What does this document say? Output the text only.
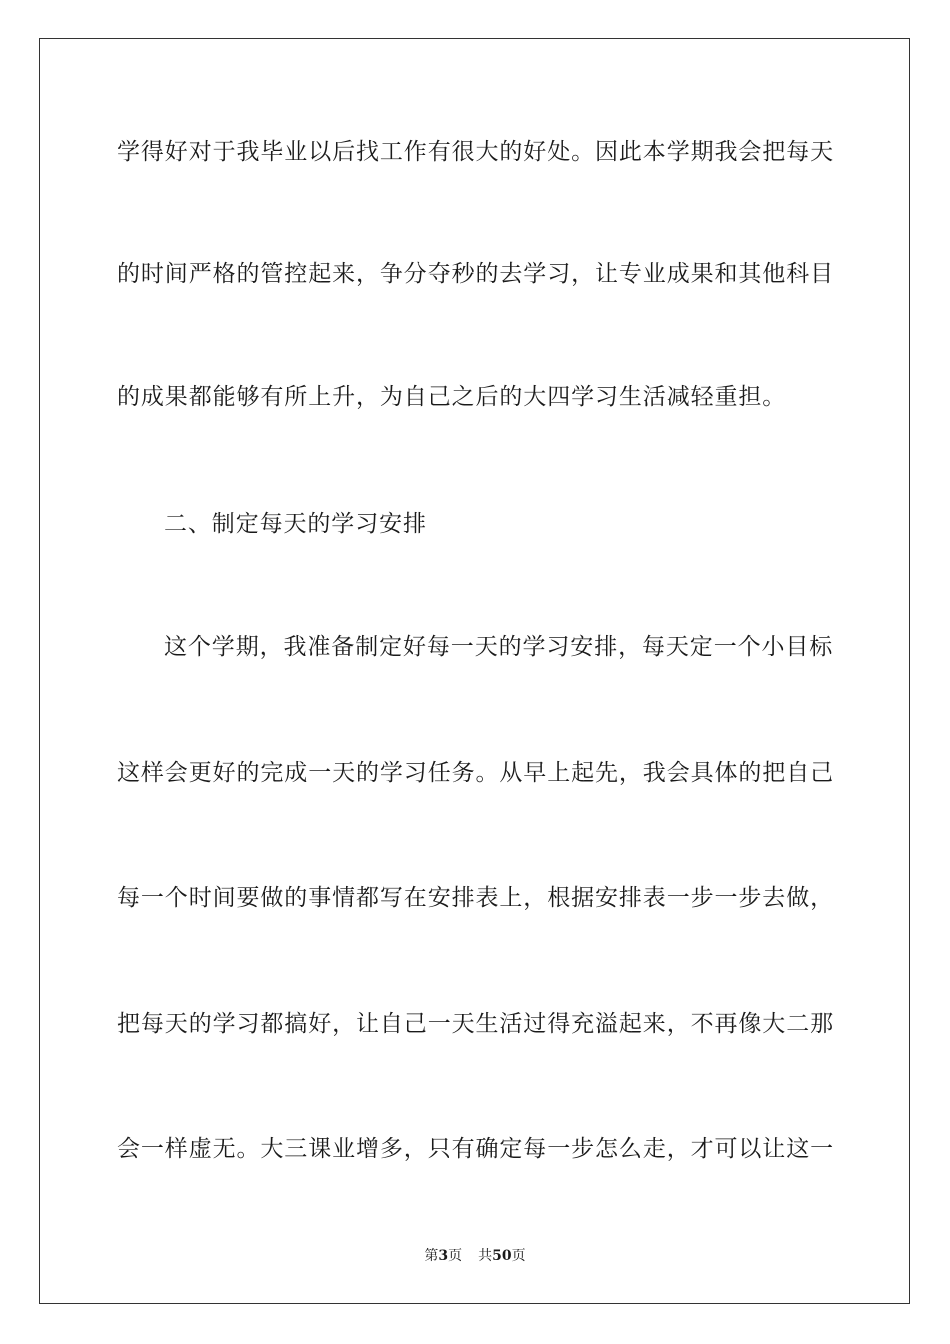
学得好对于我毕业以后找工作有很大的好处。因此本学期我会把每天
的时间严格的管控起来，争分夺秒的去学习，让专业成果和其他科目
的成果都能够有所上升，为自己之后的大四学习生活减轻重担。
二、制定每天的学习安排
这个学期，我准备制定好每一天的学习安排，每天定一个小目标
这样会更好的完成一天的学习任务。从早上起先，我会具体的把自己
每一个时间要做的事情都写在安排表上，根据安排表一步一步去做，
把每天的学习都搞好，让自己一天生活过得充溢起来，不再像大二那
会一样虚无。大三课业增多，只有确定每一步怎么走，才可以让这一
第3页 共50页
